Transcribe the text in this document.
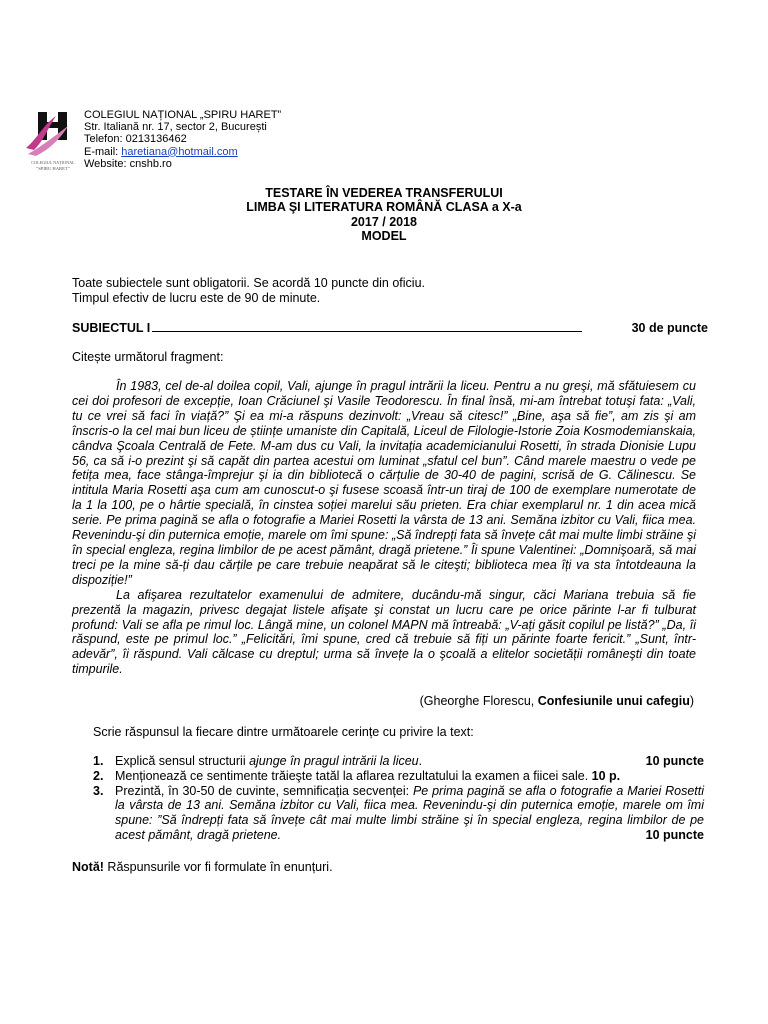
COLEGIUL NAȚIONAL
"SPIRU HARET"
COLEGIUL NAȚIONAL „SPIRU HARET”
Str. Italiană nr. 17, sector 2, București
Telefon: 0213136462
E-mail: haretiana@hotmail.com
Website: cnshb.ro
TESTARE ÎN VEDEREA TRANSFERULUI
LIMBA ŞI LITERATURA ROMÂNĂ CLASA a X-a
2017 / 2018
MODEL
Toate subiectele sunt obligatorii. Se acordă 10 puncte din oficiu.
Timpul efectiv de lucru este de 90 de minute.
SUBIECTUL I	30 de puncte
Citește următorul fragment:

În 1983, cel de-al doilea copil, Vali, ajunge în pragul intrării la liceu. Pentru a nu greşi, mă sfătuiesem cu cei doi profesori de excepție, Ioan Crăciunel şi Vasile Teodorescu. În final însă, mi-am întrebat totuşi fata: „Vali, tu ce vrei să faci în viață?” Şi ea mi-a răspuns dezinvolt: „Vreau să citesc!” „Bine, aşa să fie”, am zis şi am înscris-o la cel mai bun liceu de științe umaniste din Capitală, Liceul de Filologie-Istorie Zoia Kosmodemianskaia, cândva Şcoala Centrală de Fete. M-am dus cu Vali, la invitația academicianului Rosetti, în strada Dionisie Lupu 56, ca să i-o prezint şi să capăt din partea acestui om luminat „sfatul cel bun”. Când marele maestru o vede pe fetița mea, face stânga-împrejur şi ia din bibliotecă o cărțulie de 30-40 de pagini, scrisă de G. Călinescu. Se intitula Maria Rosetti aşa cum am cunoscut-o şi fusese scoasă într-un tiraj de 100 de exemplare numerotate de la 1 la 100, pe o hârtie specială, în cinstea soției marelui său prieten. Era chiar exemplarul nr. 1 din acea mică serie. Pe prima pagină se afla o fotografie a Mariei Rosetti la vârsta de 13 ani. Semăna izbitor cu Vali, fiica mea. Revenindu-şi din puternica emoție, marele om îmi spune: „Să îndrepți fata să învețe cât mai multe limbi străine şi în special engleza, regina limbilor de pe acest pământ, dragă prietene.” Îi spune Valentinei: „Domnişoară, să mai treci pe la mine să-ți dau cărțile pe care trebuie neapărat să le citeşti; biblioteca mea îți va sta întotdeauna la dispoziție!”

La afişarea rezultatelor examenului de admitere, ducându-mă singur, căci Mariana trebuia să fie prezentă la magazin, privesc degajat listele afişate şi constat un lucru care pe orice părinte l-ar fi tulburat profund: Vali se afla pe rimul loc. Lângă mine, un colonel MAPN mă întreabă: „V-ați găsit copilul pe listă?” „Da, îi răspund, este pe primul loc.” „Felicitări, îmi spune, cred că trebuie să fiți un părinte foarte fericit.” „Sunt, într-adevăr”, îi răspund. Vali călcase cu dreptul; urma să învețe la o şcoală a elitelor societății româneşti din toate timpurile.

(Gheorghe Florescu, Confesiunile unui cafegiu)
Scrie răspunsul la fiecare dintre următoarele cerințe cu privire la text:
1. Explică sensul structurii ajunge în pragul intrării la liceu.	10 puncte
2. Menționează ce sentimente trăieşte tatăl la aflarea rezultatului la examen a fiicei sale. 10 p.
3. Prezintă, în 30-50 de cuvinte, semnificația secvenței: Pe prima pagină se afla o fotografie a Mariei Rosetti la vârsta de 13 ani. Semăna izbitor cu Vali, fiica mea. Revenindu-şi din puternica emoție, marele om îmi spune: ”Să îndrepți fata să învețe cât mai multe limbi străine şi în special engleza, regina limbilor de pe acest pământ, dragă prietene.	10 puncte
Notă! Răspunsurile vor fi formulate în enunțuri.
